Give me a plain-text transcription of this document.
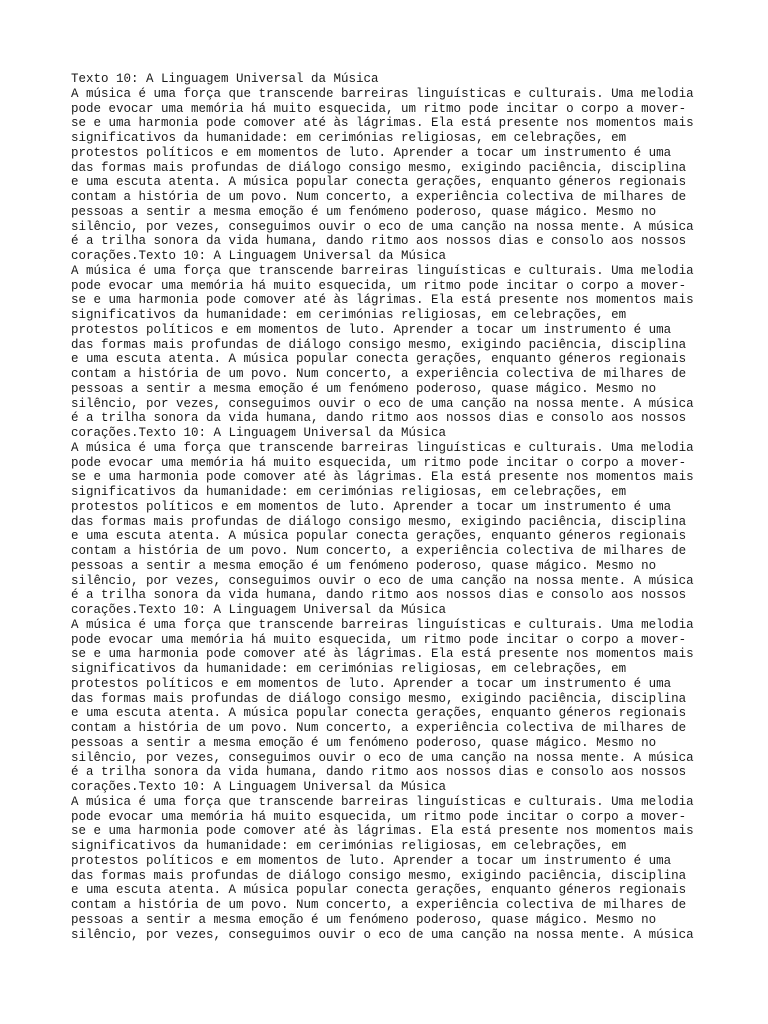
Texto 10: A Linguagem Universal da Música
A música é uma força que transcende barreiras linguísticas e culturais. Uma melodia
pode evocar uma memória há muito esquecida, um ritmo pode incitar o corpo a mover-
se e uma harmonia pode comover até às lágrimas. Ela está presente nos momentos mais
significativos da humanidade: em cerimónias religiosas, em celebrações, em
protestos políticos e em momentos de luto. Aprender a tocar um instrumento é uma
das formas mais profundas de diálogo consigo mesmo, exigindo paciência, disciplina
e uma escuta atenta. A música popular conecta gerações, enquanto géneros regionais
contam a história de um povo. Num concerto, a experiência colectiva de milhares de
pessoas a sentir a mesma emoção é um fenómeno poderoso, quase mágico. Mesmo no
silêncio, por vezes, conseguimos ouvir o eco de uma canção na nossa mente. A música
é a trilha sonora da vida humana, dando ritmo aos nossos dias e consolo aos nossos
corações.Texto 10: A Linguagem Universal da Música
A música é uma força que transcende barreiras linguísticas e culturais. Uma melodia
pode evocar uma memória há muito esquecida, um ritmo pode incitar o corpo a mover-
se e uma harmonia pode comover até às lágrimas. Ela está presente nos momentos mais
significativos da humanidade: em cerimónias religiosas, em celebrações, em
protestos políticos e em momentos de luto. Aprender a tocar um instrumento é uma
das formas mais profundas de diálogo consigo mesmo, exigindo paciência, disciplina
e uma escuta atenta. A música popular conecta gerações, enquanto géneros regionais
contam a história de um povo. Num concerto, a experiência colectiva de milhares de
pessoas a sentir a mesma emoção é um fenómeno poderoso, quase mágico. Mesmo no
silêncio, por vezes, conseguimos ouvir o eco de uma canção na nossa mente. A música
é a trilha sonora da vida humana, dando ritmo aos nossos dias e consolo aos nossos
corações.Texto 10: A Linguagem Universal da Música
A música é uma força que transcende barreiras linguísticas e culturais. Uma melodia
pode evocar uma memória há muito esquecida, um ritmo pode incitar o corpo a mover-
se e uma harmonia pode comover até às lágrimas. Ela está presente nos momentos mais
significativos da humanidade: em cerimónias religiosas, em celebrações, em
protestos políticos e em momentos de luto. Aprender a tocar um instrumento é uma
das formas mais profundas de diálogo consigo mesmo, exigindo paciência, disciplina
e uma escuta atenta. A música popular conecta gerações, enquanto géneros regionais
contam a história de um povo. Num concerto, a experiência colectiva de milhares de
pessoas a sentir a mesma emoção é um fenómeno poderoso, quase mágico. Mesmo no
silêncio, por vezes, conseguimos ouvir o eco de uma canção na nossa mente. A música
é a trilha sonora da vida humana, dando ritmo aos nossos dias e consolo aos nossos
corações.Texto 10: A Linguagem Universal da Música
A música é uma força que transcende barreiras linguísticas e culturais. Uma melodia
pode evocar uma memória há muito esquecida, um ritmo pode incitar o corpo a mover-
se e uma harmonia pode comover até às lágrimas. Ela está presente nos momentos mais
significativos da humanidade: em cerimónias religiosas, em celebrações, em
protestos políticos e em momentos de luto. Aprender a tocar um instrumento é uma
das formas mais profundas de diálogo consigo mesmo, exigindo paciência, disciplina
e uma escuta atenta. A música popular conecta gerações, enquanto géneros regionais
contam a história de um povo. Num concerto, a experiência colectiva de milhares de
pessoas a sentir a mesma emoção é um fenómeno poderoso, quase mágico. Mesmo no
silêncio, por vezes, conseguimos ouvir o eco de uma canção na nossa mente. A música
é a trilha sonora da vida humana, dando ritmo aos nossos dias e consolo aos nossos
corações.Texto 10: A Linguagem Universal da Música
A música é uma força que transcende barreiras linguísticas e culturais. Uma melodia
pode evocar uma memória há muito esquecida, um ritmo pode incitar o corpo a mover-
se e uma harmonia pode comover até às lágrimas. Ela está presente nos momentos mais
significativos da humanidade: em cerimónias religiosas, em celebrações, em
protestos políticos e em momentos de luto. Aprender a tocar um instrumento é uma
das formas mais profundas de diálogo consigo mesmo, exigindo paciência, disciplina
e uma escuta atenta. A música popular conecta gerações, enquanto géneros regionais
contam a história de um povo. Num concerto, a experiência colectiva de milhares de
pessoas a sentir a mesma emoção é um fenómeno poderoso, quase mágico. Mesmo no
silêncio, por vezes, conseguimos ouvir o eco de uma canção na nossa mente. A música
